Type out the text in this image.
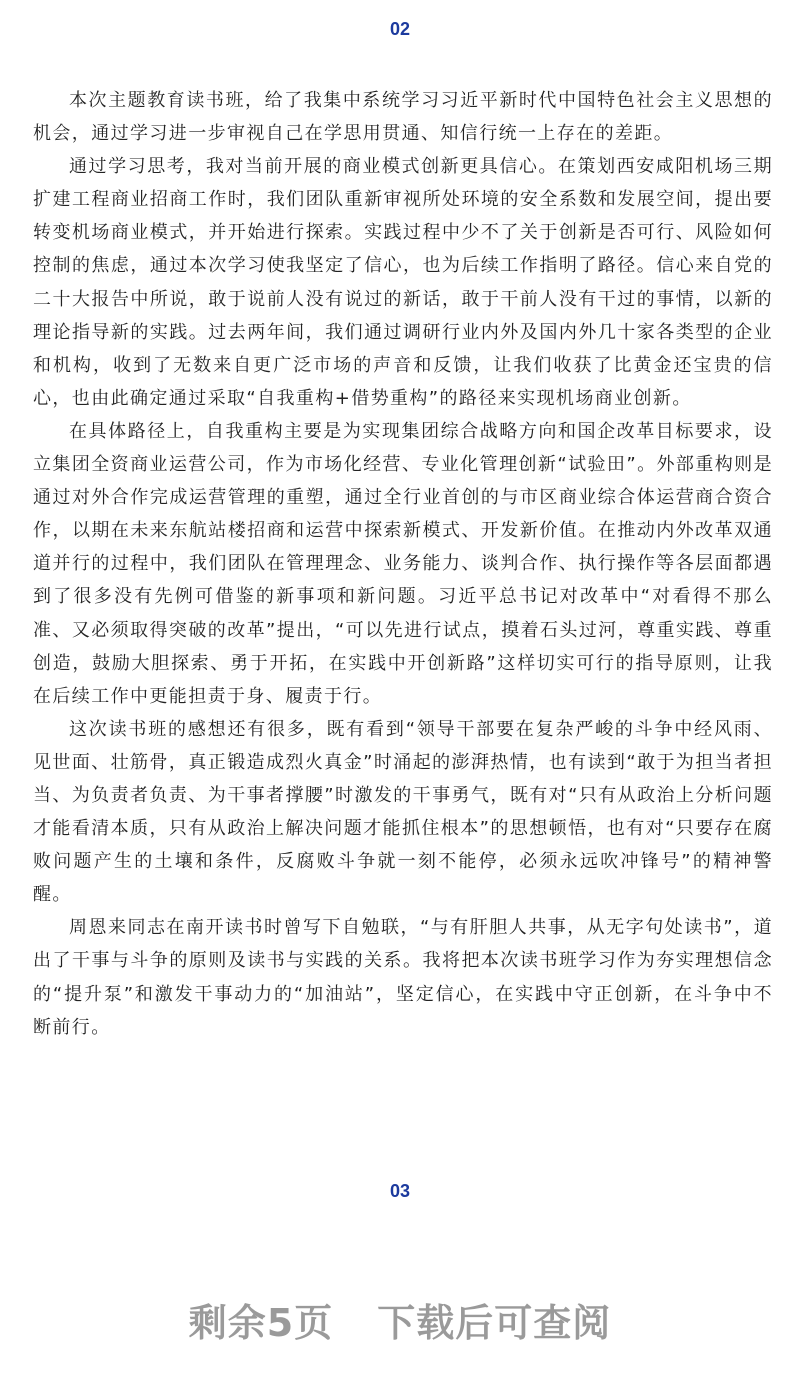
02

本次主题教育读书班，给了我集中系统学习习近平新时代中国特色社会主义思想的机会，通过学习进一步审视自己在学思用贯通、知信行统一上存在的差距。

通过学习思考，我对当前开展的商业模式创新更具信心。在策划西安咸阳机场三期扩建工程商业招商工作时，我们团队重新审视所处环境的安全系数和发展空间，提出要转变机场商业模式，并开始进行探索。实践过程中少不了关于创新是否可行、风险如何控制的焦虑，通过本次学习使我坚定了信心，也为后续工作指明了路径。信心来自党的二十大报告中所说，敢于说前人没有说过的新话，敢于干前人没有干过的事情，以新的理论指导新的实践。过去两年间，我们通过调研行业内外及国内外几十家各类型的企业和机构，收到了无数来自更广泛市场的声音和反馈，让我们收获了比黄金还宝贵的信心，也由此确定通过采取“自我重构+借势重构”的路径来实现机场商业创新。

在具体路径上，自我重构主要是为实现集团综合战略方向和国企改革目标要求，设立集团全资商业运营公司，作为市场化经营、专业化管理创新“试验田”。外部重构则是通过对外合作完成运营管理的重塑，通过全行业首创的与市区商业综合体运营商合资合作，以期在未来东航站楼招商和运营中探索新模式、开发新价值。在推动内外改革双通道并行的过程中，我们团队在管理理念、业务能力、谈判合作、执行操作等各层面都遇到了很多没有先例可借鉴的新事项和新问题。习近平总书记对改革中“对看得不那么准、又必须取得突破的改革”提出，“可以先进行试点，摸着石头过河，尊重实践、尊重创造，鼓励大胆探索、勇于开拓，在实践中开创新路”这样切实可行的指导原则，让我在后续工作中更能担责于身、履责于行。

这次读书班的感想还有很多，既有看到“领导干部要在复杂严峻的斗争中经风雨、见世面、壮筋骨，真正锻造成烈火真金”时涌起的澎湃热情，也有读到“敢于为担当者担当、为负责者负责、为干事者撑腰”时激发的干事勇气，既有对“只有从政治上分析问题才能看清本质，只有从政治上解决问题才能抓住根本”的思想顿悟，也有对“只要存在腐败问题产生的土壤和条件，反腐败斗争就一刻不能停，必须永远吹冲锋号”的精神警醒。

周恩来同志在南开读书时曾写下自勉联，“与有肝胆人共事，从无字句处读书”，道出了干事与斗争的原则及读书与实践的关系。我将把本次读书班学习作为夯实理想信念的“提升泵”和激发干事动力的“加油站”，坚定信心，在实践中守正创新，在斗争中不断前行。

03
剩余5页 下载后可查阅
